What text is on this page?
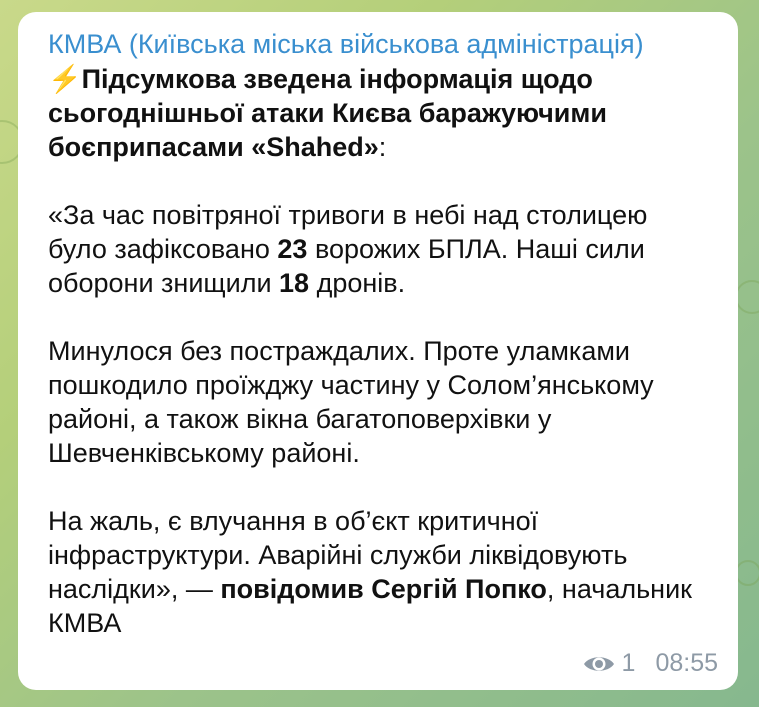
КМВА (Київська міська військова адміністрація)

⚡Підсумкова зведена інформація щодо сьогоднішньої атаки Києва баражуючими боєприпасами «Shahed»:

«За час повітряної тривоги в небі над столицею було зафіксовано 23 ворожих БПЛА. Наші сили оборони знищили 18 дронів.

Минулося без постраждалих. Проте уламками пошкодило проїжджу частину у Солом’янському районі, а також вікна багатоповерхівки у Шевченківському районі.

На жаль, є влучання в об’єкт критичної інфраструктури. Аварійні служби ліквідовують наслідки», — повідомив Сергій Попко, начальник КМВА

1 08:55
